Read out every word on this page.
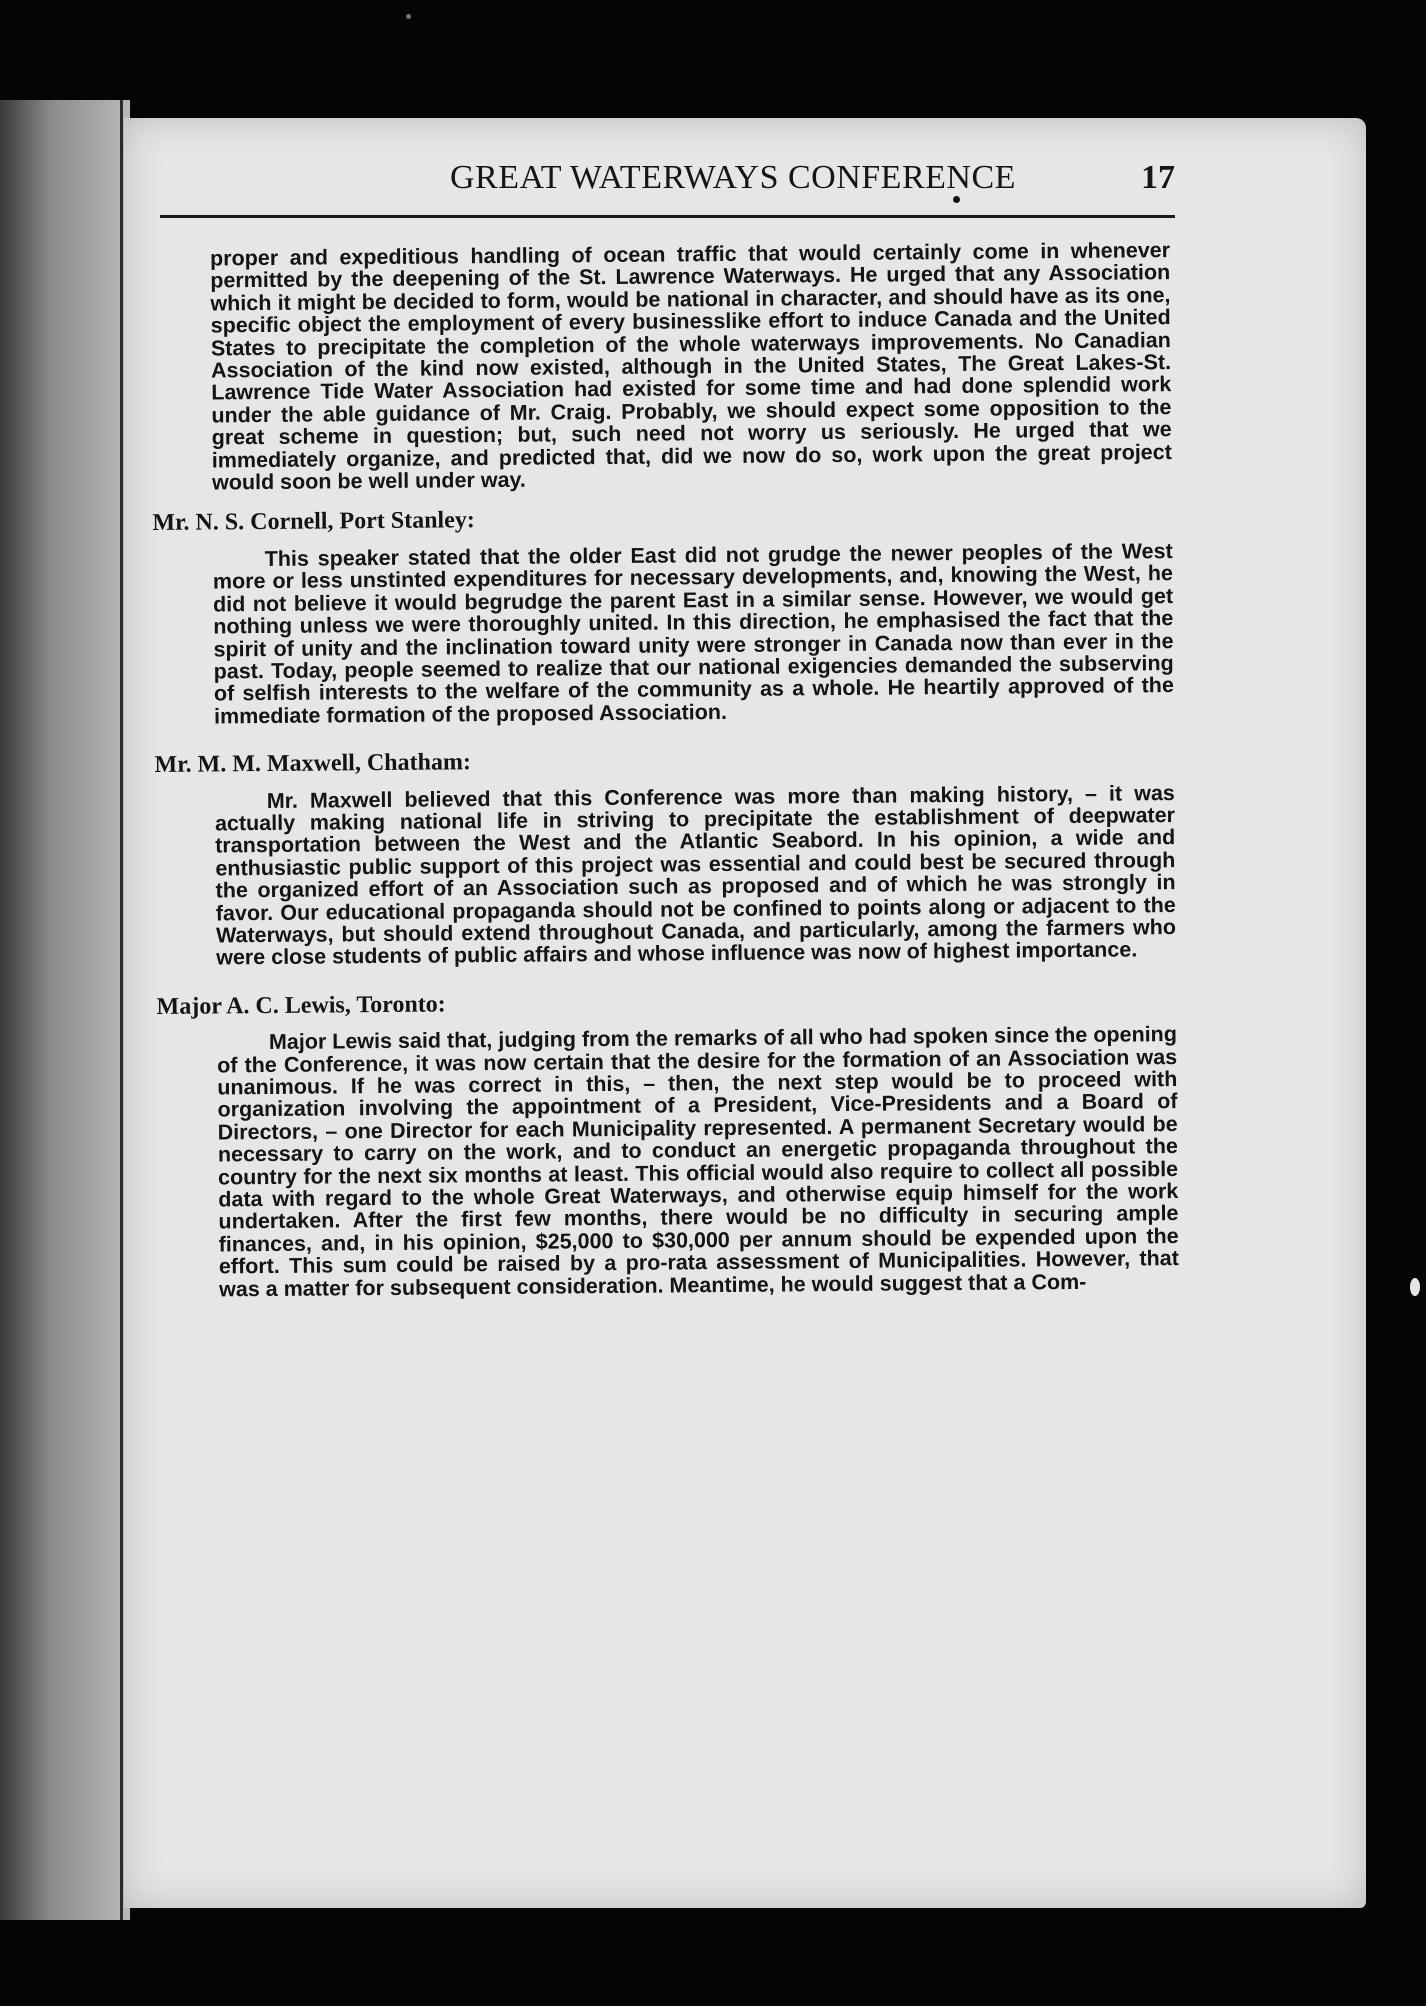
GREAT WATERWAYS CONFERENCE	17

proper and expeditious handling of ocean traffic that would certainly come in whenever permitted by the deepening of the St. Lawrence Waterways. He urged that any Association which it might be decided to form, would be national in character, and should have as its one, specific object the employment of every businesslike effort to induce Canada and the United States to precipitate the completion of the whole waterways improvements. No Canadian Association of the kind now existed, although in the United States, The Great Lakes-St. Lawrence Tide Water Association had existed for some time and had done splendid work under the able guidance of Mr. Craig. Probably, we should expect some opposition to the great scheme in question; but, such need not worry us seriously. He urged that we immediately organize, and predicted that, did we now do so, work upon the great project would soon be well under way.

Mr. N. S. Cornell, Port Stanley:

This speaker stated that the older East did not grudge the newer peoples of the West more or less unstinted expenditures for necessary developments, and, knowing the West, he did not believe it would begrudge the parent East in a similar sense. However, we would get nothing unless we were thoroughly united. In this direction, he emphasised the fact that the spirit of unity and the inclination toward unity were stronger in Canada now than ever in the past. Today, people seemed to realize that our national exigencies demanded the subserving of selfish interests to the welfare of the community as a whole. He heartily approved of the immediate formation of the proposed Association.

Mr. M. M. Maxwell, Chatham:

Mr. Maxwell believed that this Conference was more than making history, – it was actually making national life in striving to precipitate the establishment of deepwater transportation between the West and the Atlantic Seabord. In his opinion, a wide and enthusiastic public support of this project was essential and could best be secured through the organized effort of an Association such as proposed and of which he was strongly in favor. Our educational propaganda should not be confined to points along or adjacent to the Waterways, but should extend throughout Canada, and particularly, among the farmers who were close students of public affairs and whose influence was now of highest importance.

Major A. C. Lewis, Toronto:

Major Lewis said that, judging from the remarks of all who had spoken since the opening of the Conference, it was now certain that the desire for the formation of an Association was unanimous. If he was correct in this, – then, the next step would be to proceed with organization involving the appointment of a President, Vice-Presidents and a Board of Directors, – one Director for each Municipality represented. A permanent Secretary would be necessary to carry on the work, and to conduct an energetic propaganda throughout the country for the next six months at least. This official would also require to collect all possible data with regard to the whole Great Waterways, and otherwise equip himself for the work undertaken. After the first few months, there would be no difficulty in securing ample finances, and, in his opinion, $25,000 to $30,000 per annum should be expended upon the effort. This sum could be raised by a pro-rata assessment of Municipalities. However, that was a matter for subsequent consideration. Meantime, he would suggest that a Com-
